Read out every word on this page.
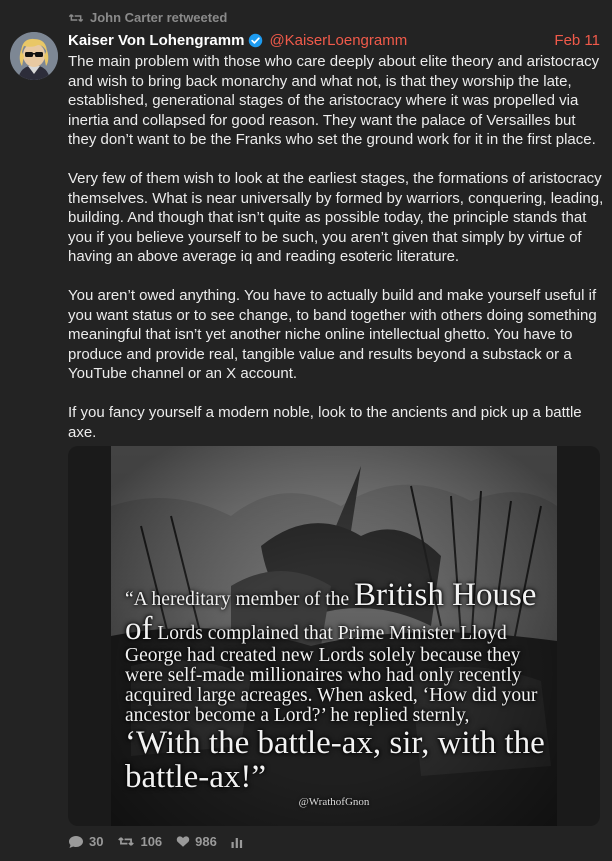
John Carter retweeted
Kaiser Von Lohengramm @KaiserLoengramm	Feb 11

The main problem with those who care deeply about elite theory and aristocracy and wish to bring back monarchy and what not, is that they worship the late, established, generational stages of the aristocracy where it was propelled via inertia and collapsed for good reason. They want the palace of Versailles but they don’t want to be the Franks who set the ground work for it in the first place.

Very few of them wish to look at the earliest stages, the formations of aristocracy themselves. What is near universally by formed by warriors, conquering, leading, building. And though that isn’t quite as possible today, the principle stands that you if you believe yourself to be such, you aren’t given that simply by virtue of having an above average iq and reading esoteric literature.

You aren’t owed anything. You have to actually build and make yourself useful if you want status or to see change, to band together with others doing something meaningful that isn’t yet another niche online intellectual ghetto. You have to produce and provide real, tangible value and results beyond a substack or a YouTube channel or an X account.

If you fancy yourself a modern noble, look to the ancients and pick up a battle axe.

“A hereditary member of the British House of Lords complained that Prime Minister Lloyd George had created new Lords solely because they were self-made millionaires who had only recently acquired large acreages. When asked, ‘How did your ancestor become a Lord?’ he replied sternly, ‘With the battle-ax, sir, with the battle-ax!”
@WrathofGnon
30	106	986
